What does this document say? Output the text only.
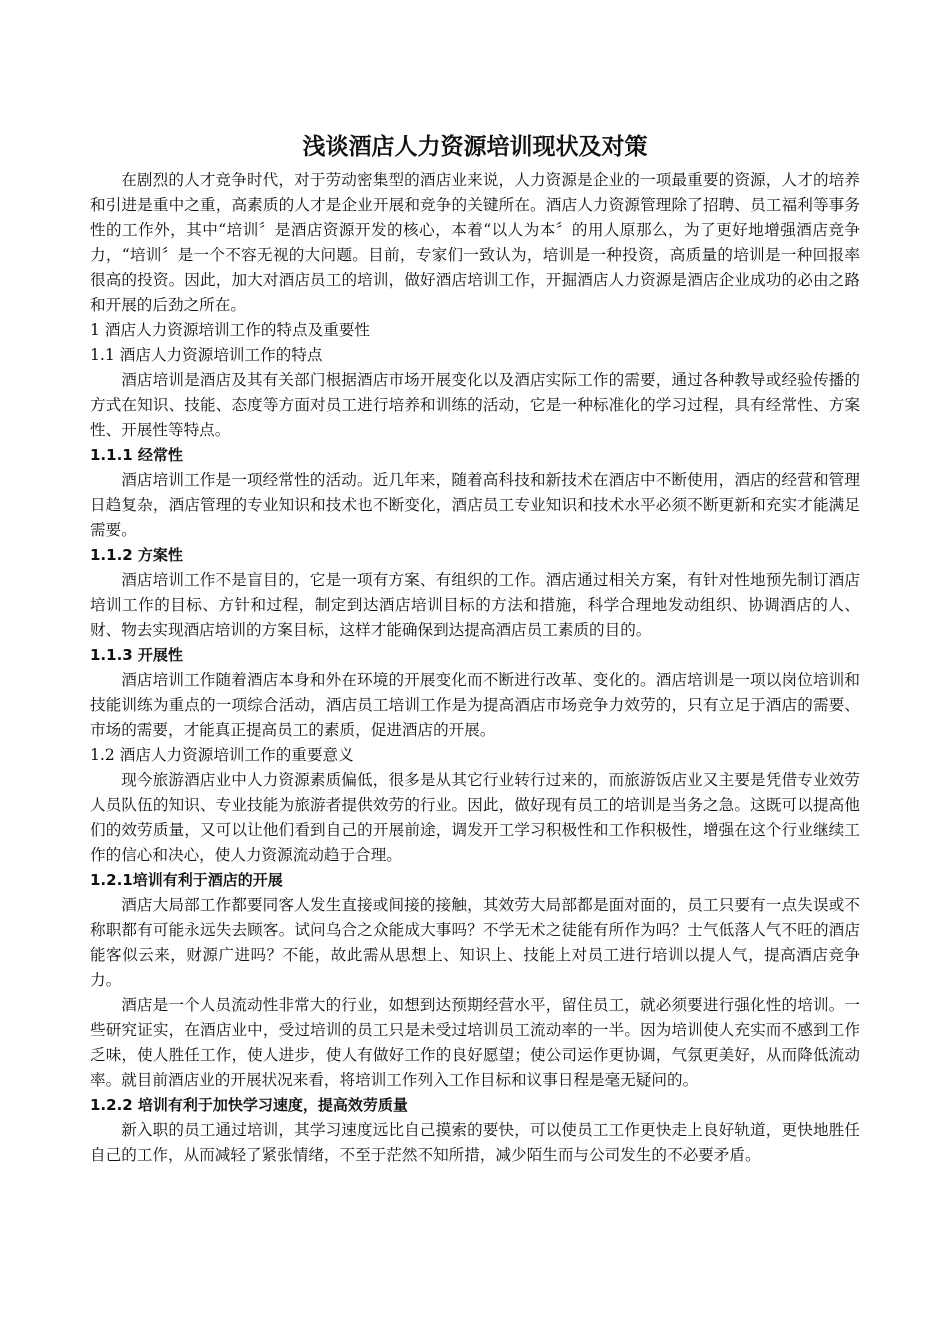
浅谈酒店人力资源培训现状及对策

在剧烈的人才竞争时代，对于劳动密集型的酒店业来说，人力资源是企业的一项最重要的资源，人才的培养和引进是重中之重，高素质的人才是企业开展和竞争的关键所在。酒店人力资源管理除了招聘、员工福利等事务性的工作外，其中“培训〞是酒店资源开发的核心，本着“以人为本〞的用人原那么，为了更好地增强酒店竞争力，“培训〞是一个不容无视的大问题。目前，专家们一致认为，培训是一种投资，高质量的培训是一种回报率很高的投资。因此，加大对酒店员工的培训，做好酒店培训工作，开掘酒店人力资源是酒店企业成功的必由之路和开展的后劲之所在。

1 酒店人力资源培训工作的特点及重要性
1.1 酒店人力资源培训工作的特点

酒店培训是酒店及其有关部门根据酒店市场开展变化以及酒店实际工作的需要，通过各种教导或经验传播的方式在知识、技能、态度等方面对员工进行培养和训练的活动，它是一种标准化的学习过程，具有经常性、方案性、开展性等特点。

1.1.1 经常性

酒店培训工作是一项经常性的活动。近几年来，随着高科技和新技术在酒店中不断使用，酒店的经营和管理日趋复杂，酒店管理的专业知识和技术也不断变化，酒店员工专业知识和技术水平必须不断更新和充实才能满足需要。

1.1.2 方案性

酒店培训工作不是盲目的，它是一项有方案、有组织的工作。酒店通过相关方案，有针对性地预先制订酒店培训工作的目标、方针和过程，制定到达酒店培训目标的方法和措施，科学合理地发动组织、协调酒店的人、财、物去实现酒店培训的方案目标，这样才能确保到达提高酒店员工素质的目的。

1.1.3 开展性

酒店培训工作随着酒店本身和外在环境的开展变化而不断进行改革、变化的。酒店培训是一项以岗位培训和技能训练为重点的一项综合活动，酒店员工培训工作是为提高酒店市场竞争力效劳的，只有立足于酒店的需要、市场的需要，才能真正提高员工的素质，促进酒店的开展。

1.2 酒店人力资源培训工作的重要意义

现今旅游酒店业中人力资源素质偏低，很多是从其它行业转行过来的，而旅游饭店业又主要是凭借专业效劳人员队伍的知识、专业技能为旅游者提供效劳的行业。因此，做好现有员工的培训是当务之急。这既可以提高他们的效劳质量，又可以让他们看到自己的开展前途，调发开工学习积极性和工作积极性，增强在这个行业继续工作的信心和决心，使人力资源流动趋于合理。

1.2.1培训有利于酒店的开展

酒店大局部工作都要同客人发生直接或间接的接触，其效劳大局部都是面对面的，员工只要有一点失误或不称职都有可能永远失去顾客。试问乌合之众能成大事吗？不学无术之徒能有所作为吗？士气低落人气不旺的酒店能客似云来，财源广进吗？不能，故此需从思想上、知识上、技能上对员工进行培训以提人气，提高酒店竞争力。

酒店是一个人员流动性非常大的行业，如想到达预期经营水平，留住员工，就必须要进行强化性的培训。一些研究证实，在酒店业中，受过培训的员工只是未受过培训员工流动率的一半。因为培训使人充实而不感到工作乏味，使人胜任工作，使人进步，使人有做好工作的良好愿望；使公司运作更协调，气氛更美好，从而降低流动率。就目前酒店业的开展状况来看，将培训工作列入工作目标和议事日程是毫无疑问的。

1.2.2 培训有利于加快学习速度，提高效劳质量

新入职的员工通过培训，其学习速度远比自己摸索的要快，可以使员工工作更快走上良好轨道，更快地胜任自己的工作，从而减轻了紧张情绪，不至于茫然不知所措，减少陌生而与公司发生的不必要矛盾。
